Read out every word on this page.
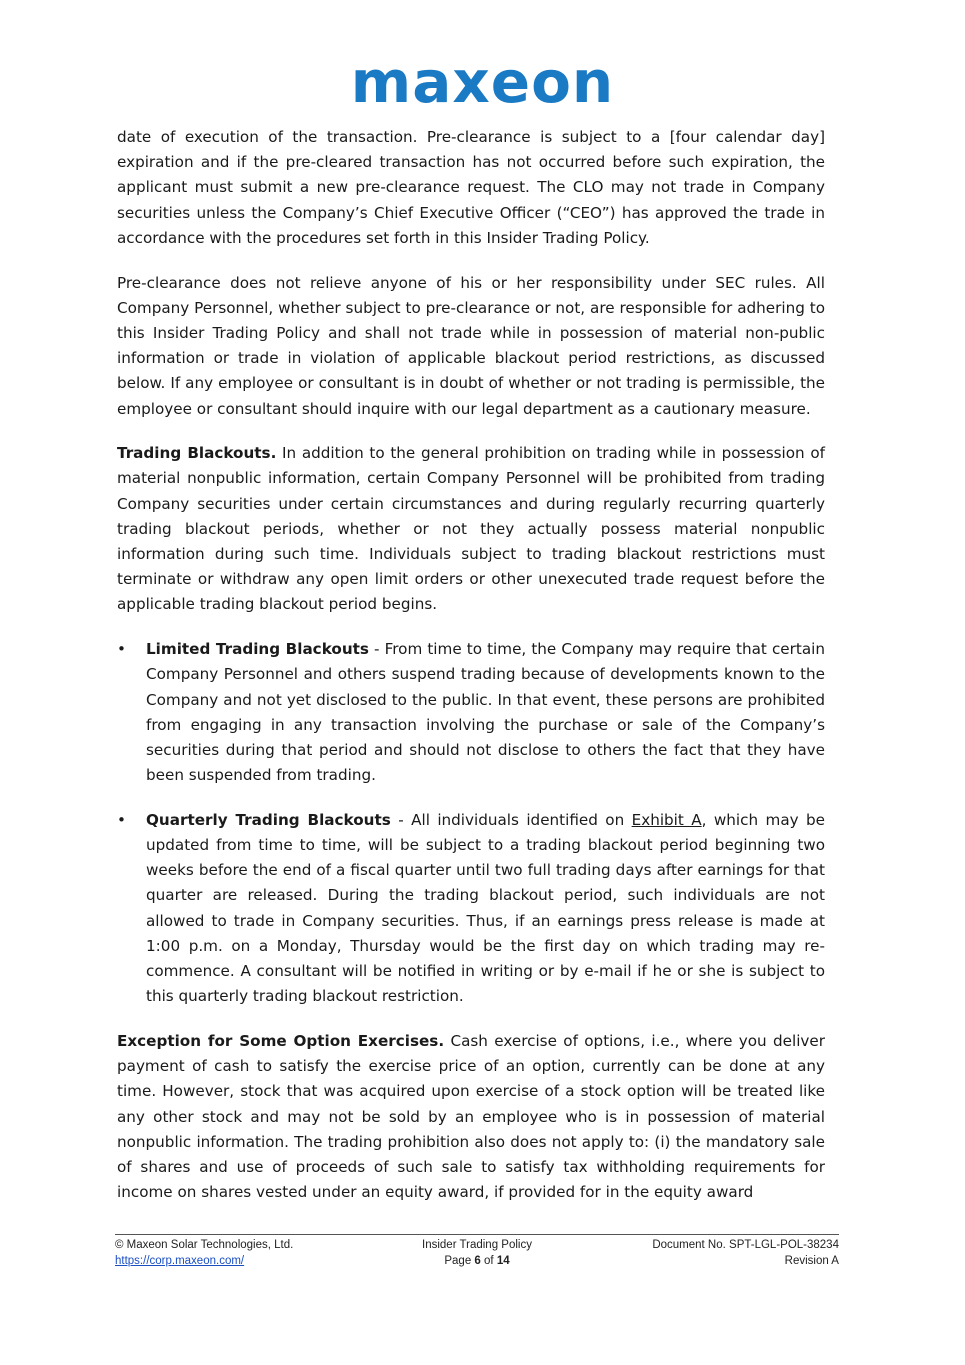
maxeon

date of execution of the transaction. Pre-clearance is subject to a [four calendar day] expiration and if the pre-cleared transaction has not occurred before such expiration, the applicant must submit a new pre-clearance request. The CLO may not trade in Company securities unless the Company’s Chief Executive Officer (“CEO”) has approved the trade in accordance with the procedures set forth in this Insider Trading Policy.

Pre-clearance does not relieve anyone of his or her responsibility under SEC rules. All Company Personnel, whether subject to pre-clearance or not, are responsible for adhering to this Insider Trading Policy and shall not trade while in possession of material non-public information or trade in violation of applicable blackout period restrictions, as discussed below. If any employee or consultant is in doubt of whether or not trading is permissible, the employee or consultant should inquire with our legal department as a cautionary measure.

Trading Blackouts. In addition to the general prohibition on trading while in possession of material nonpublic information, certain Company Personnel will be prohibited from trading Company securities under certain circumstances and during regularly recurring quarterly trading blackout periods, whether or not they actually possess material nonpublic information during such time. Individuals subject to trading blackout restrictions must terminate or withdraw any open limit orders or other unexecuted trade request before the applicable trading blackout period begins.

• Limited Trading Blackouts - From time to time, the Company may require that certain Company Personnel and others suspend trading because of developments known to the Company and not yet disclosed to the public. In that event, these persons are prohibited from engaging in any transaction involving the purchase or sale of the Company’s securities during that period and should not disclose to others the fact that they have been suspended from trading.
• Quarterly Trading Blackouts - All individuals identified on Exhibit A, which may be updated from time to time, will be subject to a trading blackout period beginning two weeks before the end of a fiscal quarter until two full trading days after earnings for that quarter are released. During the trading blackout period, such individuals are not allowed to trade in Company securities. Thus, if an earnings press release is made at 1:00 p.m. on a Monday, Thursday would be the first day on which trading may re-commence. A consultant will be notified in writing or by e-mail if he or she is subject to this quarterly trading blackout restriction.

Exception for Some Option Exercises. Cash exercise of options, i.e., where you deliver payment of cash to satisfy the exercise price of an option, currently can be done at any time. However, stock that was acquired upon exercise of a stock option will be treated like any other stock and may not be sold by an employee who is in possession of material nonpublic information. The trading prohibition also does not apply to: (i) the mandatory sale of shares and use of proceeds of such sale to satisfy tax withholding requirements for income on shares vested under an equity award, if provided for in the equity award

© Maxeon Solar Technologies, Ltd.	Insider Trading Policy	Document No. SPT-LGL-POL-38234
https://corp.maxeon.com/	Page 6 of 14	Revision A
